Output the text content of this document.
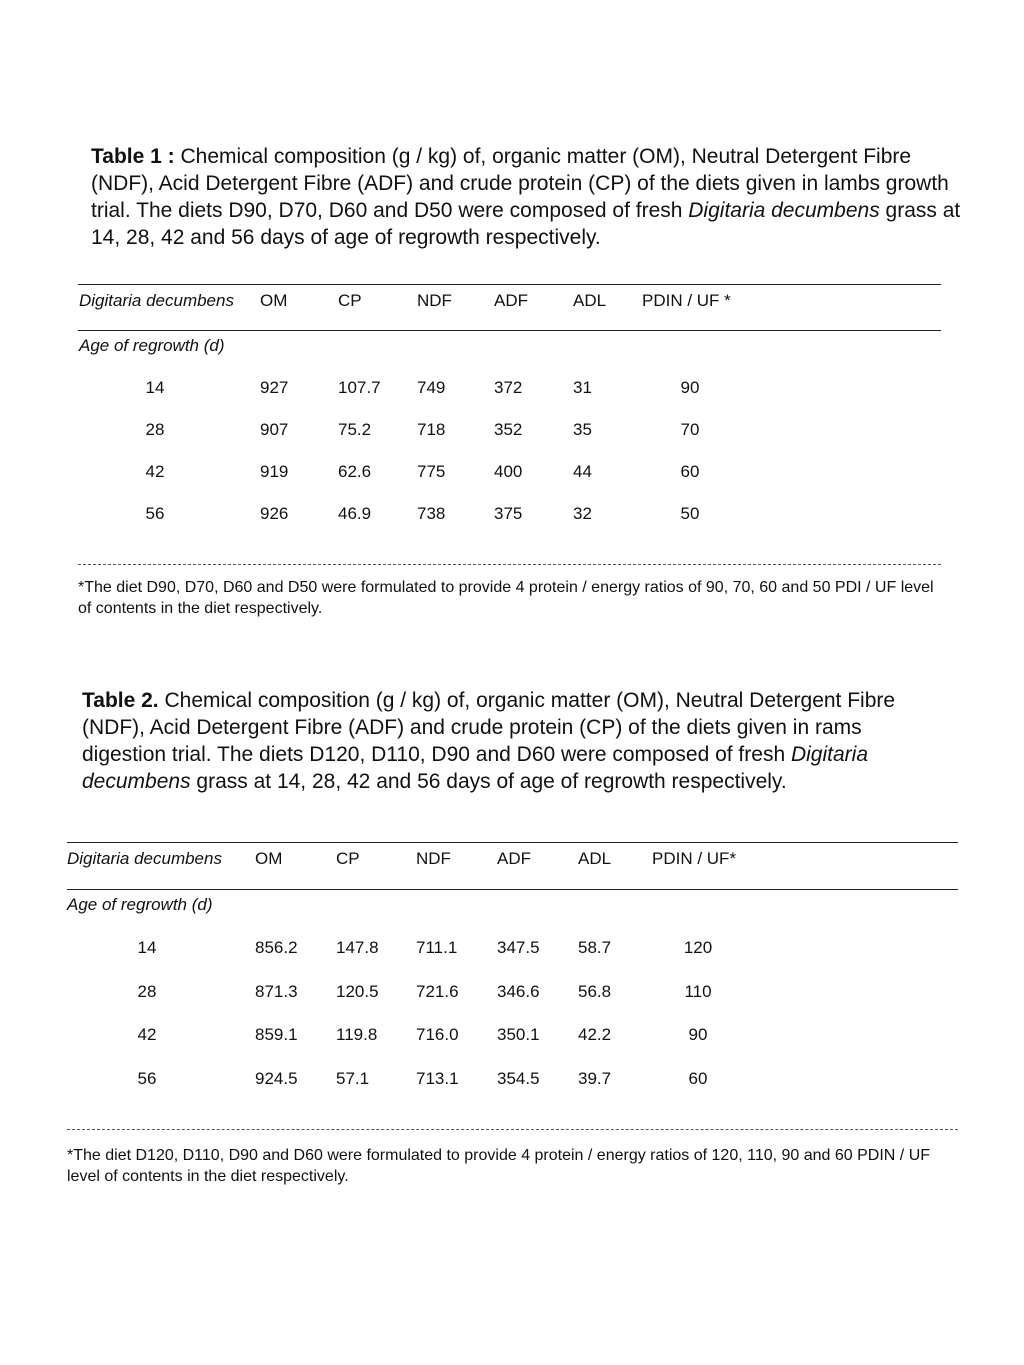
Table 1 : Chemical composition (g / kg) of, organic matter (OM), Neutral Detergent Fibre (NDF), Acid Detergent Fibre (ADF) and crude protein (CP) of the diets given in lambs growth trial. The diets D90, D70, D60 and D50 were composed of fresh Digitaria decumbens grass at 14, 28, 42 and 56 days of age of regrowth respectively.

Digitaria decumbens OM	CP	NDF ADF	ADL PDIN / UF *
Age of regrowth (d)
14	927	107.7 749	372	31	90
28	907	75.2	718	352	35	70
42	919	62.6	775	400	44	60
56	926	46.9	738	375	32	50

*The diet D90, D70, D60 and D50 were formulated to provide 4 protein / energy ratios of 90, 70, 60 and 50 PDI / UF level of contents in the diet respectively.

Table 2. Chemical composition (g / kg) of, organic matter (OM), Neutral Detergent Fibre (NDF), Acid Detergent Fibre (ADF) and crude protein (CP) of the diets given in rams digestion trial. The diets D120, D110, D90 and D60 were composed of fresh Digitaria decumbens grass at 14, 28, 42 and 56 days of age of regrowth respectively.

Digitaria decumbens OM	CP	NDF	ADF	ADL PDIN / UF*
Age of regrowth (d)
14	856.2 147.8 711.1 347.5 58.7	120
28	871.3 120.5 721.6 346.6 56.8	110
42	859.1 119.8 716.0 350.1 42.2	90
56	924.5 57.1	713.1 354.5 39.7	60

*The diet D120, D110, D90 and D60 were formulated to provide 4 protein / energy ratios of 120, 110, 90 and 60 PDIN / UF level of contents in the diet respectively.
